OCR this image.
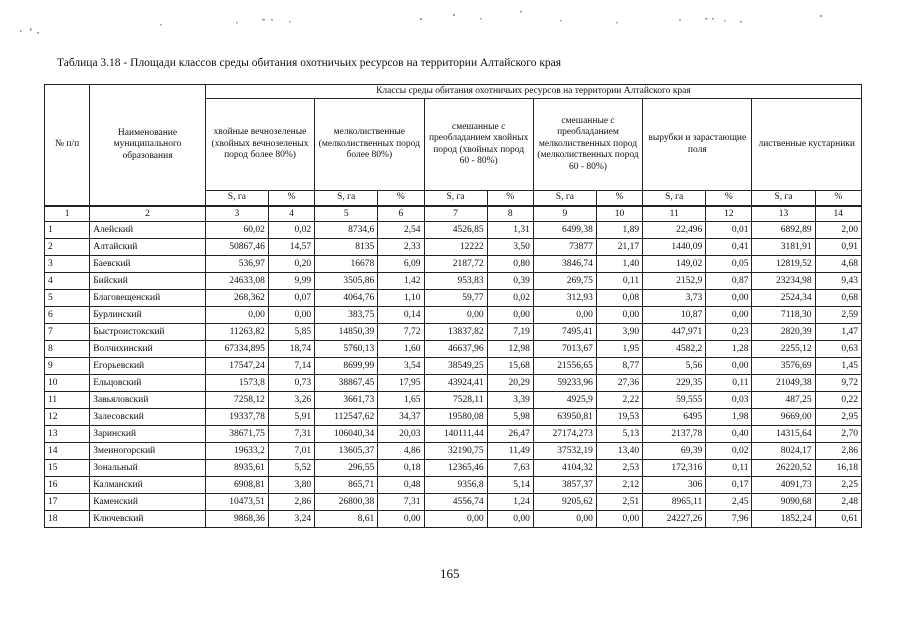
Таблица 3.18 - Площади классов среды обитания охотничьих ресурсов на территории Алтайского края
№ п/п	Наименование муниципального образования	Классы среды обитания охотничьих ресурсов на территории Алтайского края											
		хвойные вечнозеленые (хвойных вечнозеленых пород более 80%)		мелколиственные (мелколиственных пород более 80%)		смешанные с преобладанием хвойных пород (хвойных пород 60 - 80%)		смешанные с преобладанием мелколиственных пород (мелколиственных пород 60 - 80%)		вырубки и зарастающие поля		лиственные кустарники	
		S, га	%	S, га	%	S, га	%	S, га	%	S, га	%	S, га	%
1	2	3	4	5	6	7	8	9	10	11	12	13	14
1	Алейский	60,02	0,02	8734,6	2,54	4526,85	1,31	6499,38	1,89	22,496	0,01	6892,89	2,00
2	Алтайский	50867,46	14,57	8135	2,33	12222	3,50	73877	21,17	1440,09	0,41	3181,91	0,91
3	Баевский	536,97	0,20	16678	6,09	2187,72	0,80	3846,74	1,40	149,02	0,05	12819,52	4,68
4	Бийский	24633,08	9,99	3505,86	1,42	953,83	0,39	269,75	0,11	2152,9	0,87	23234,98	9,43
5	Благовещенский	268,362	0,07	4064,76	1,10	59,77	0,02	312,93	0,08	3,73	0,00	2524,34	0,68
6	Бурлинский	0,00	0,00	383,75	0,14	0,00	0,00	0,00	0,00	10,87	0,00	7118,30	2,59
7	Быстроистокский	11263,82	5,85	14850,39	7,72	13837,82	7,19	7495,41	3,90	447,971	0,23	2820,39	1,47
8	Волчихинский	67334,895	18,74	5760,13	1,60	46637,96	12,98	7013,67	1,95	4582,2	1,28	2255,12	0,63
9	Егорьевский	17547,24	7,14	8699,99	3,54	38549,25	15,68	21556,65	8,77	5,56	0,00	3576,69	1,45
10	Ельцовский	1573,8	0,73	38867,45	17,95	43924,41	20,29	59233,96	27,36	229,35	0,11	21049,38	9,72
11	Завьяловский	7258,12	3,26	3661,73	1,65	7528,11	3,39	4925,9	2,22	59,555	0,03	487,25	0,22
12	Залесовский	19337,78	5,91	112547,62	34,37	19580,08	5,98	63950,81	19,53	6495	1,98	9669,00	2,95
13	Заринский	38671,75	7,31	106040,34	20,03	140111,44	26,47	27174,273	5,13	2137,78	0,40	14315,64	2,70
14	Змеиногорский	19633,2	7,01	13605,37	4,86	32190,75	11,49	37532,19	13,40	69,39	0,02	8024,17	2,86
15	Зональный	8935,61	5,52	296,55	0,18	12365,46	7,63	4104,32	2,53	172,316	0,11	26220,52	16,18
16	Калманский	6908,81	3,80	865,71	0,48	9356,8	5,14	3857,37	2,12	306	0,17	4091,73	2,25
17	Каменский	10473,51	2,86	26800,38	7,31	4556,74	1,24	9205,62	2,51	8965,11	2,45	9090,68	2,48
18	Ключевский	9868,36	3,24	8,61	0,00	0,00	0,00	0,00	0,00	24227,26	7,96	1852,24	0,61
165
